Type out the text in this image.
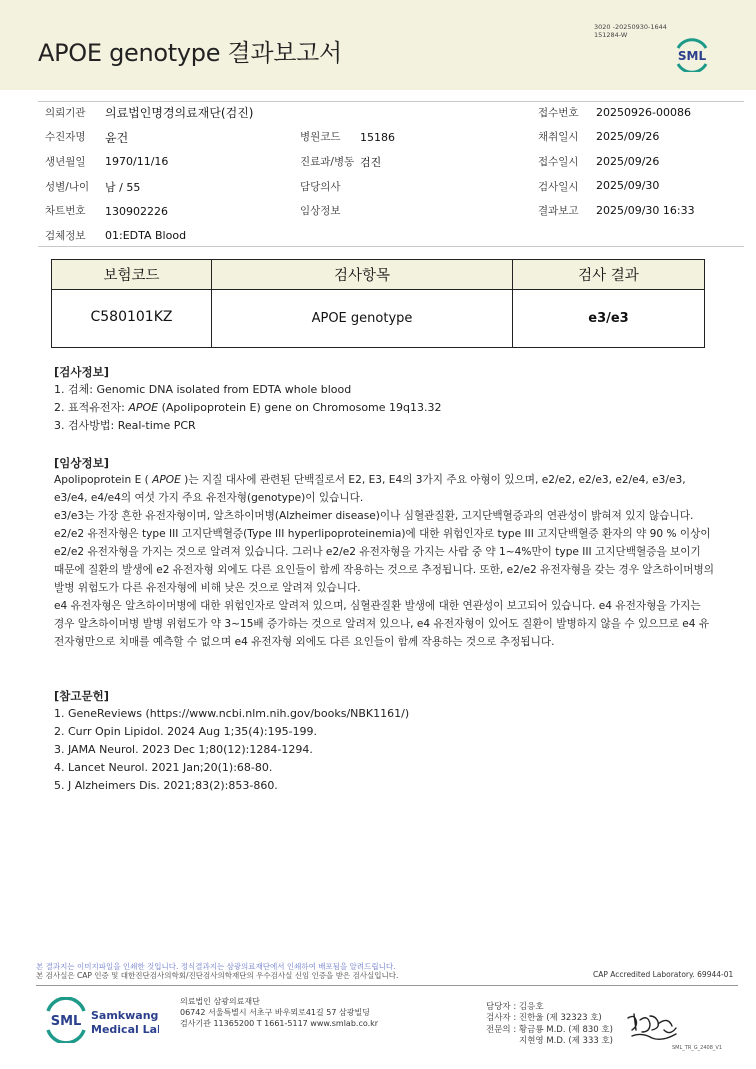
APOE genotype 결과보고서
3020 -20250930-1644
151284-W
SML
의뢰기관 의료법인명경의료재단(검진)	접수번호 20250926-00086
수진자명 윤건	병원코드 15186	채취일시 2025/09/26
생년월일 1970/11/16	진료과/병동 검진	접수일시 2025/09/26
성별/나이 남 / 55	담당의사	검사일시 2025/09/30
차트번호 130902226	임상정보	결과보고 2025/09/30 16:33
검체정보 01:EDTA Blood
보험코드	검사항목	검사 결과
C580101KZ	APOE genotype	e3/e3
[검사정보]
1. 검체: Genomic DNA isolated from EDTA whole blood
2. 표적유전자: APOE (Apolipoprotein E) gene on Chromosome 19q13.32
3. 검사방법: Real-time PCR
[임상정보]
Apolipoprotein E ( APOE )는 지질 대사에 관련된 단백질로서 E2, E3, E4의 3가지 주요 아형이 있으며, e2/e2, e2/e3, e2/e4, e3/e3, e3/e4, e4/e4의 여섯 가지 주요 유전자형(genotype)이 있습니다.
e3/e3는 가장 흔한 유전자형이며, 알츠하이머병(Alzheimer disease)이나 심혈관질환, 고지단백혈증과의 연관성이 밝혀져 있지 않습니다.
e2/e2 유전자형은 type III 고지단백혈증(Type III hyperlipoproteinemia)에 대한 위험인자로 type III 고지단백혈증 환자의 약 90 % 이상이 e2/e2 유전자형을 가지는 것으로 알려져 있습니다. 그러나 e2/e2 유전자형을 가지는 사람 중 약 1~4%만이 type III 고지단백혈증을 보이기 때문에 질환의 발생에 e2 유전자형 외에도 다른 요인들이 함께 작용하는 것으로 추정됩니다. 또한, e2/e2 유전자형을 갖는 경우 알츠하이머병의 발병 위험도가 다른 유전자형에 비해 낮은 것으로 알려져 있습니다.
e4 유전자형은 알츠하이머병에 대한 위험인자로 알려져 있으며, 심혈관질환 발생에 대한 연관성이 보고되어 있습니다. e4 유전자형을 가지는 경우 알츠하이머병 발병 위험도가 약 3~15배 증가하는 것으로 알려져 있으나, e4 유전자형이 있어도 질환이 발병하지 않을 수 있으므로 e4 유전자형만으로 치매를 예측할 수 없으며 e4 유전자형 외에도 다른 요인들이 함께 작용하는 것으로 추정됩니다.
[참고문헌]
1. GeneReviews (https://www.ncbi.nlm.nih.gov/books/NBK1161/)
2. Curr Opin Lipidol. 2024 Aug 1;35(4):195-199.
3. JAMA Neurol. 2023 Dec 1;80(12):1284-1294.
4. Lancet Neurol. 2021 Jan;20(1):68-80.
5. J Alzheimers Dis. 2021;83(2):853-860.
본 결과지는 이미지파일을 인쇄한 것입니다. 정식결과지는 삼광의료재단에서 인쇄하여 배포됨을 알려드립니다.
본 검사실은 CAP 인증 및 대한진단검사의학회/진단검사의학재단의 우수검사실 신임 인증을 받은 검사실입니다.	CAP Accredited Laboratory. 69944-01
SML Samkwang
Medical Lab
의료법인 삼광의료재단
06742 서울특별시 서초구 바우뫼로41길 57 삼광빌딩
검사기관 11365200 T 1661-5117 www.smlab.co.kr
담당자 : 김응호
검사자 : 진한울 (제 32323 호)
전문의 : 황금룡 M.D. (제 830 호)
지현영 M.D. (제 333 호)
SML_TR_G_2408_V1
